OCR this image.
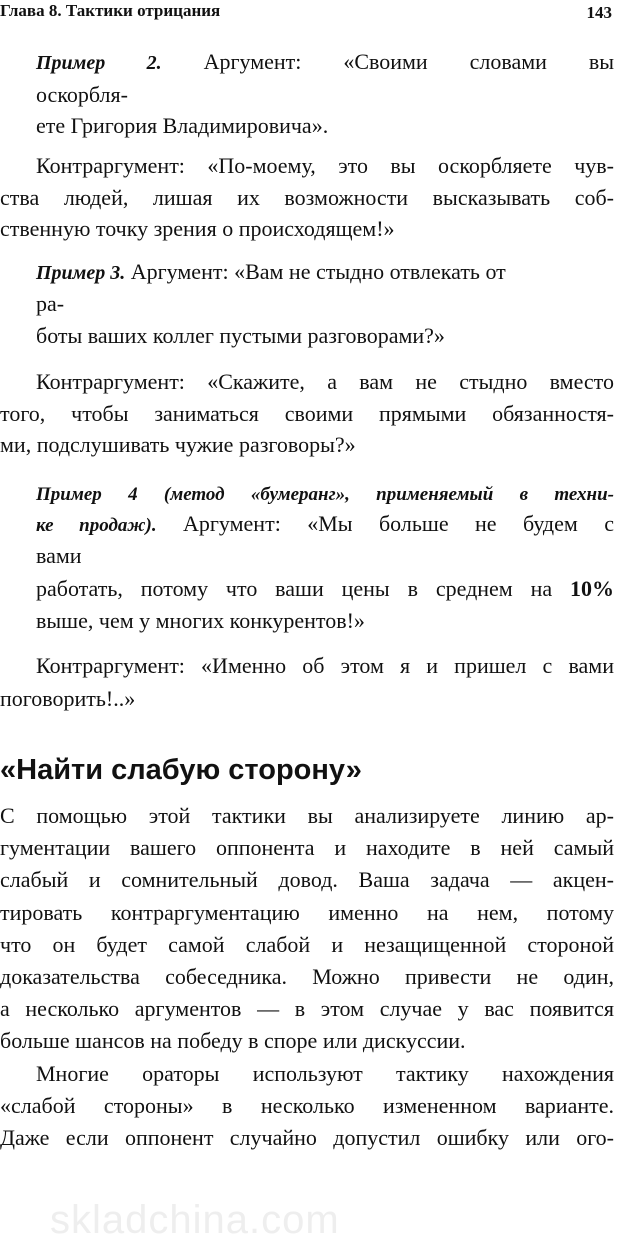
Глава 8. Тактики отрицания	143
Пример 2. Аргумент: «Своими словами вы
оскорбля-
ете Григория Владимировича».
Контраргумент: «По-моему, это вы оскорбляете чув-
ства людей, лишая их возможности высказывать соб-
ственную точку зрения о происходящем!»
Пример 3. Аргумент: «Вам не стыдно отвлекать от
ра-
боты ваших коллег пустыми разговорами?»
Контраргумент: «Скажите, а вам не стыдно вместо
того, чтобы заниматься своими прямыми обязанностя-
ми, подслушивать чужие разговоры?»
Пример 4 (метод «бумеранг», применяемый в техни-
ке продаж). Аргумент: «Мы больше не будем с
вами
работать, потому что ваши цены в среднем на 10%
выше, чем у многих конкурентов!»
Контраргумент: «Именно об этом я и пришел с вами
поговорить!..»
«Найти слабую сторону»
С помощью этой тактики вы анализируете линию ар-
гументации вашего оппонента и находите в ней самый
слабый и сомнительный довод. Ваша задача — акцен-
тировать контраргументацию именно на нем, потому
что он будет самой слабой и незащищенной стороной
доказательства собеседника. Можно привести не один,
а несколько аргументов — в этом случае у вас появится
больше шансов на победу в споре или дискуссии.
Многие ораторы используют тактику нахождения
«слабой стороны» в несколько измененном варианте.
Даже если оппонент случайно допустил ошибку или ого-
skladchina.com
